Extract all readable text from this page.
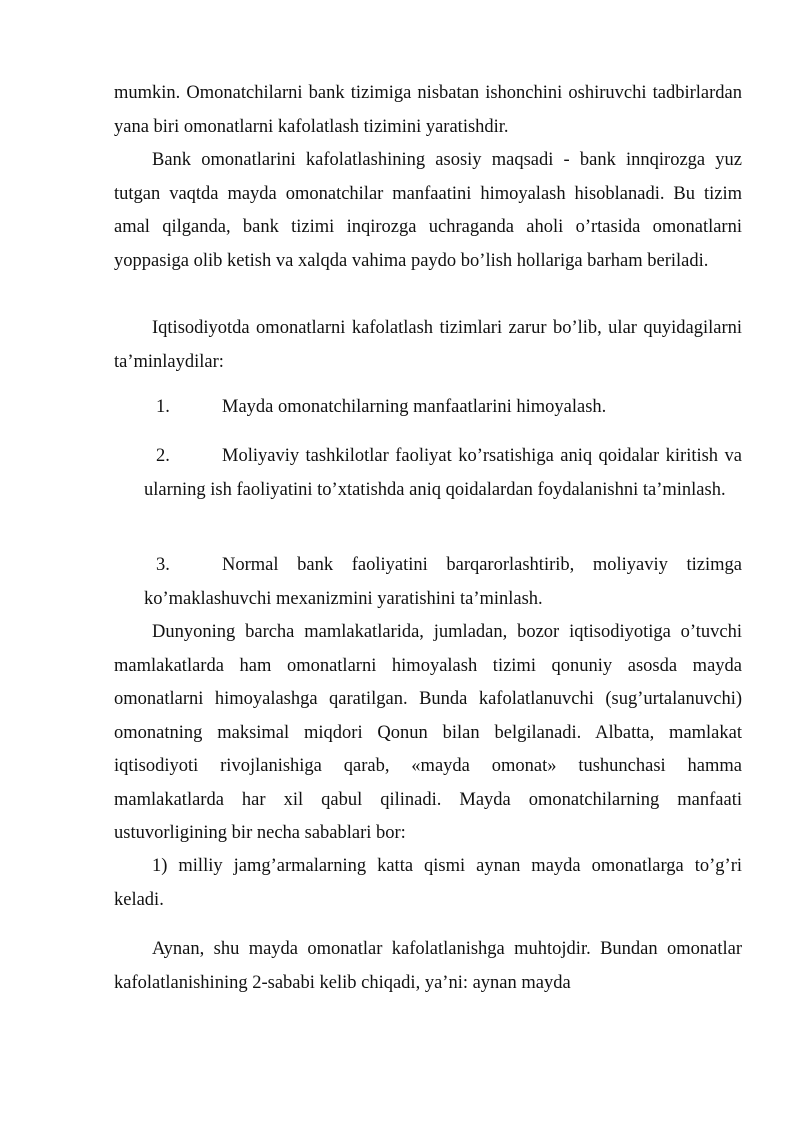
mumkin. Omonatchilarni bank tizimiga nisbatan ishonchini oshiruvchi tadbirlardan yana biri omonatlarni kafolatlash tizimini yaratishdir.

Bank omonatlarini kafolatlashining asosiy maqsadi - bank innqirozga yuz tutgan vaqtda mayda omonatchilar manfaatini himoyalash hisoblanadi. Bu tizim amal qilganda, bank tizimi inqirozga uchraganda aholi o’rtasida omonatlarni yoppasiga olib ketish va xalqda vahima paydo bo’lish hollariga barham beriladi.

Iqtisodiyotda omonatlarni kafolatlash tizimlari zarur bo’lib, ular quyidagilarni ta’minlaydilar:

1.	Mayda omonatchilarning manfaatlarini himoyalash.

2.	Moliyaviy tashkilotlar faoliyat ko’rsatishiga aniq qoidalar kiritish va ularning ish faoliyatini to’xtatishda aniq qoidalardan foydalanishni ta’minlash.

3.	Normal bank faoliyatini barqarorlashtirib, moliyaviy tizimga ko’maklashuvchi mexanizmini yaratishini ta’minlash.

Dunyoning barcha mamlakatlarida, jumladan, bozor iqtisodiyotiga o’tuvchi mamlakatlarda ham omonatlarni himoyalash tizimi qonuniy asosda mayda omonatlarni himoyalashga qaratilgan. Bunda kafolatlanuvchi (sug’urtalanuvchi) omonatning maksimal miqdori Qonun bilan belgilanadi. Albatta, mamlakat iqtisodiyoti rivojlanishiga qarab, «mayda omonat» tushunchasi hamma mamlakatlarda har xil qabul qilinadi. Mayda omonatchilarning manfaati ustuvorligining bir necha sabablari bor:

1) milliy jamg’armalarning katta qismi aynan mayda omonatlarga to’g’ri keladi.

Aynan, shu mayda omonatlar kafolatlanishga muhtojdir. Bundan omonatlar kafolatlanishining 2-sababi kelib chiqadi, ya’ni: aynan mayda
